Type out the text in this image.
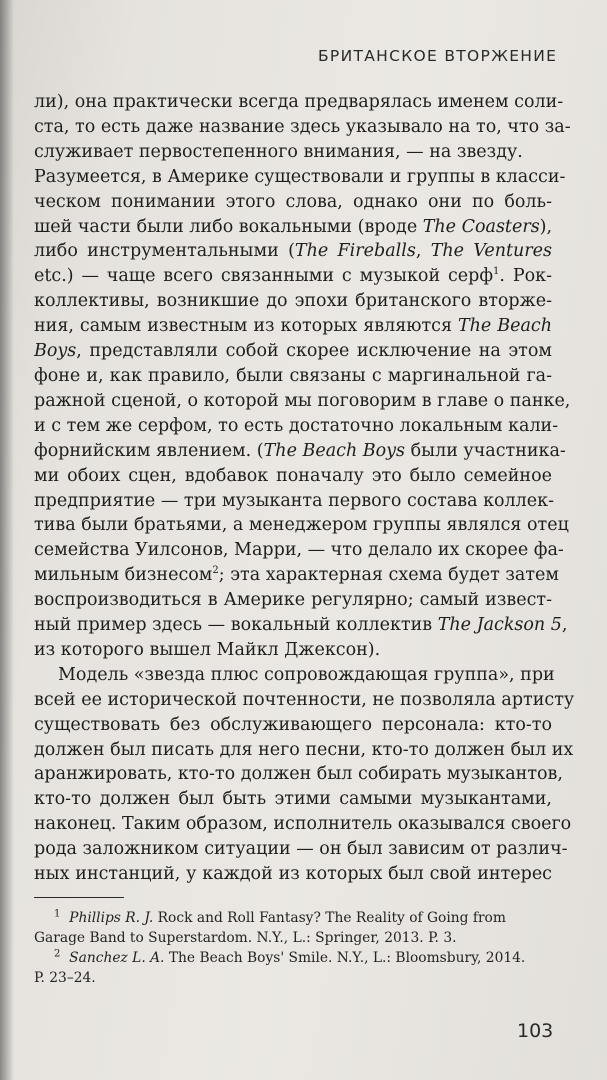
БРИТАНСКОЕ ВТОРЖЕНИЕ
ли), она практически всегда предварялась именем соли-
ста, то есть даже название здесь указывало на то, что за-
служивает первостепенного внимания, — на звезду.
Разумеется, в Америке существовали и группы в класси-
ческом понимании этого слова, однако они по боль-
шей части были либо вокальными (вроде The Coasters),
либо инструментальными (The Fireballs, The Ventures
etc.) — чаще всего связанными с музыкой серф$^1$. Рок-
коллективы, возникшие до эпохи британского вторже-
ния, самым известным из которых являются The Beach
Boys, представляли собой скорее исключение на этом
фоне и, как правило, были связаны с маргинальной га-
ражной сценой, о которой мы поговорим в главе о панке,
и с тем же серфом, то есть достаточно локальным кали-
форнийским явлением. (The Beach Boys были участника-
ми обоих сцен, вдобавок поначалу это было семейное
предприятие — три музыканта первого состава коллек-
тива были братьями, а менеджером группы являлся отец
семейства Уилсонов, Марри, — что делало их скорее фа-
мильным бизнесом$^2$; эта характерная схема будет затем
воспроизводиться в Америке регулярно; самый извест-
ный пример здесь — вокальный коллектив The Jackson 5,
из которого вышел Майкл Джексон).
Модель «звезда плюс сопровождающая группа», при
всей ее исторической почтенности, не позволяла артисту
существовать без обслуживающего персонала: кто-то
должен был писать для него песни, кто-то должен был их
аранжировать, кто-то должен был собирать музыкантов,
кто-то должен был быть этими самыми музыкантами,
наконец. Таким образом, исполнитель оказывался своего
рода заложником ситуации — он был зависим от различ-
ных инстанций, у каждой из которых был свой интерес
$^1$ Phillips R. J. Rock and Roll Fantasy? The Reality of Going from
Garage Band to Superstardom. N.Y., L.: Springer, 2013. P. 3.
$^2$ Sanchez L. A. The Beach Boys' Smile. N.Y., L.: Bloomsbury, 2014.
P. 23–24.
103
